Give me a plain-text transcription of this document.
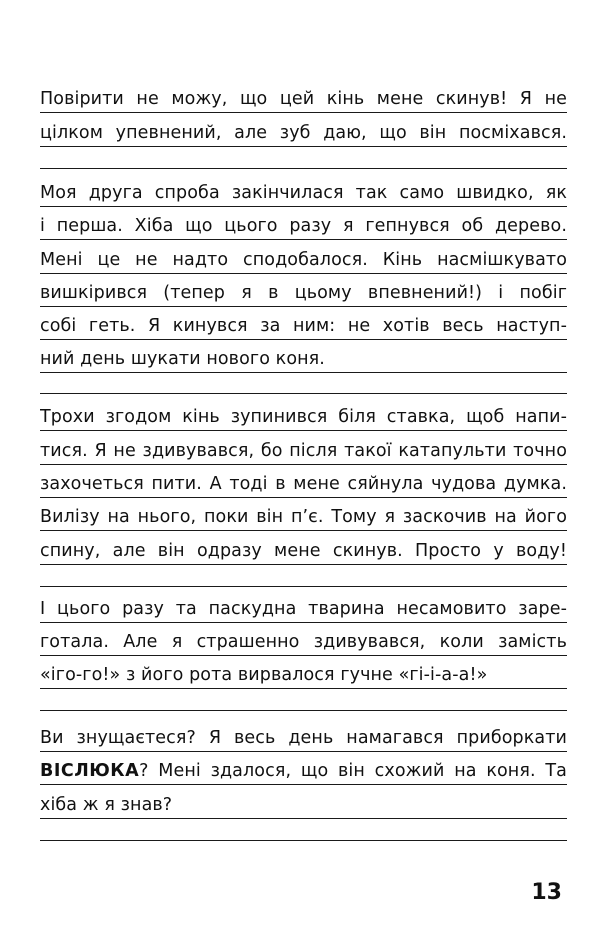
Повірити не можу, що цей кінь мене скинув! Я не
цілком упевнений, але зуб даю, що він посміхався.
Моя друга спроба закінчилася так само швидко, як
і перша. Хіба що цього разу я гепнувся об дерево.
Мені це не надто сподобалося. Кінь насмішкувато
вишкірився (тепер я в цьому впевнений!) і побіг
собі геть. Я кинувся за ним: не хотів весь наступ-
ний день шукати нового коня.
Трохи згодом кінь зупинився біля ставка, щоб напи-
тися. Я не здивувався, бо після такої катапульти точно
захочеться пити. А тоді в мене сяйнула чудова думка.
Вилізу на нього, поки він п’є. Тому я заскочив на його
спину, але він одразу мене скинув. Просто у воду!
І цього разу та паскудна тварина несамовито заре-
готала. Але я страшенно здивувався, коли замість
«іго-го!» з його рота вирвалося гучне «гі-і-а-а!»
Ви знущаєтеся? Я весь день намагався приборкати
ВІСЛЮКА? Мені здалося, що він схожий на коня. Та
хіба ж я знав?
13
